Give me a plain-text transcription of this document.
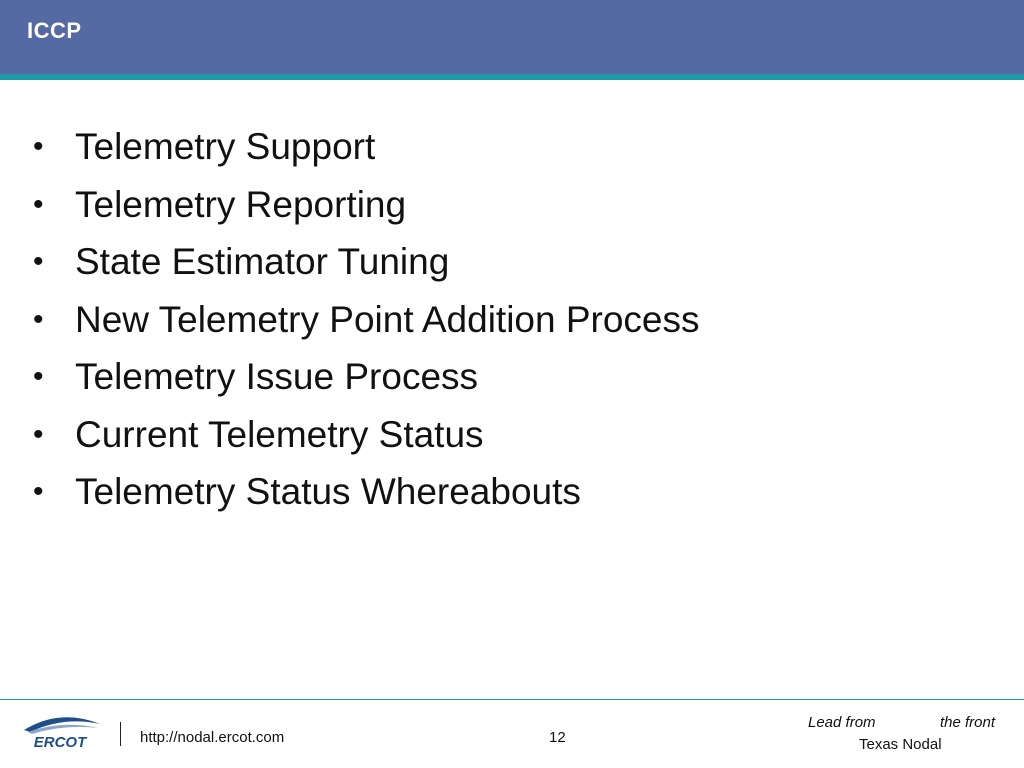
ICCP
• Telemetry Support
• Telemetry Reporting
• State Estimator Tuning
• New Telemetry Point Addition Process
• Telemetry Issue Process
• Current Telemetry Status
• Telemetry Status Whereabouts
ERCOT	http://nodal.ercot.com	12
Lead from	the front
Texas Nodal
